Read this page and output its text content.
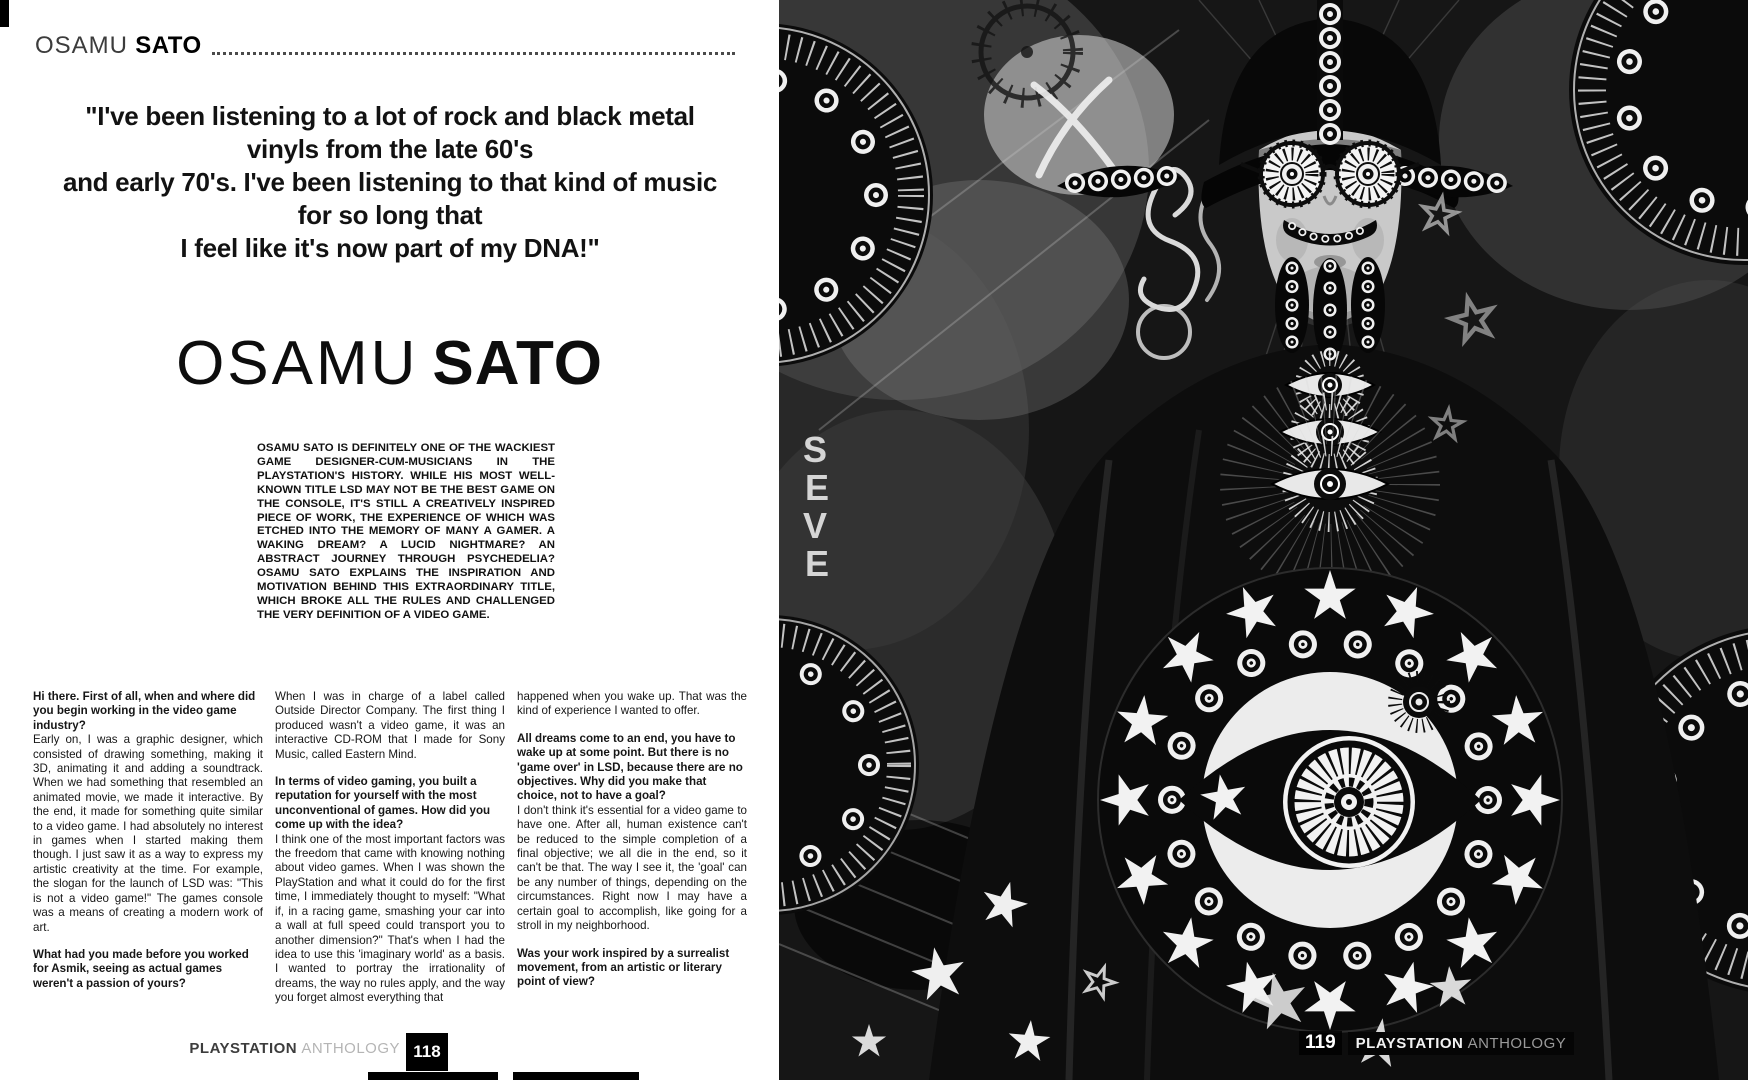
OSAMU SATO
"I've been listening to a lot of rock and black metal vinyls from the late 60's
and early 70's. I've been listening to that kind of music for so long that
I feel like it's now part of my DNA!"
OSAMU SATO
OSAMU SATO IS DEFINITELY ONE OF THE WACKIEST GAME DESIGNER-CUM-MUSICIANS IN THE PLAYSTATION'S HISTORY. WHILE HIS MOST WELL-KNOWN TITLE LSD MAY NOT BE THE BEST GAME ON THE CONSOLE, IT'S STILL A CREATIVELY INSPIRED PIECE OF WORK, THE EXPERIENCE OF WHICH WAS ETCHED INTO THE MEMORY OF MANY A GAMER. A WAKING DREAM? A LUCID NIGHTMARE? AN ABSTRACT JOURNEY THROUGH PSYCHEDELIA? OSAMU SATO EXPLAINS THE INSPIRATION AND MOTIVATION BEHIND THIS EXTRAORDINARY TITLE, WHICH BROKE ALL THE RULES AND CHALLENGED THE VERY DEFINITION OF A VIDEO GAME.

Hi there. First of all, when and where did you begin working in the video game industry?

Early on, I was a graphic designer, which consisted of drawing something, making it 3D, animating it and adding a soundtrack. When we had something that resembled an animated movie, we made it interactive. By the end, it made for something quite similar to a video game. I had absolutely no interest in games when I started making them though. I just saw it as a way to express my artistic creativity at the time. For example, the slogan for the launch of LSD was: "This is not a video game!" The games console was a means of creating a modern work of art.

What had you made before you worked for Asmik, seeing as actual games weren't a passion of yours?

When I was in charge of a label called Outside Director Company. The first thing I produced wasn't a video game, it was an interactive CD-ROM that I made for Sony Music, called Eastern Mind.

In terms of video gaming, you built a reputation for yourself with the most unconventional of games. How did you come up with the idea?

I think one of the most important factors was the freedom that came with knowing nothing about video games. When I was shown the PlayStation and what it could do for the first time, I immediately thought to myself: "What if, in a racing game, smashing your car into a wall at full speed could transport you to another dimension?" That's when I had the idea to use this 'imaginary world' as a basis. I wanted to portray the irrationality of dreams, the way no rules apply, and the way you forget almost everything that

happened when you wake up. That was the kind of experience I wanted to offer.

All dreams come to an end, you have to wake up at some point. But there is no 'game over' in LSD, because there are no objectives. Why did you make that choice, not to have a goal?

I don't think it's essential for a video game to have one. After all, human existence can't be reduced to the simple completion of a final objective; we all die in the end, so it can't be that. The way I see it, the 'goal' can be any number of things, depending on the circumstances. Right now I may have a certain goal to accomplish, like going for a stroll in my neighborhood.

Was your work inspired by a surrealist movement, from an artistic or literary point of view?

PLAYSTATION ANTHOLOGY 118
S
E
V
E
119	PLAYSTATION ANTHOLOGY
